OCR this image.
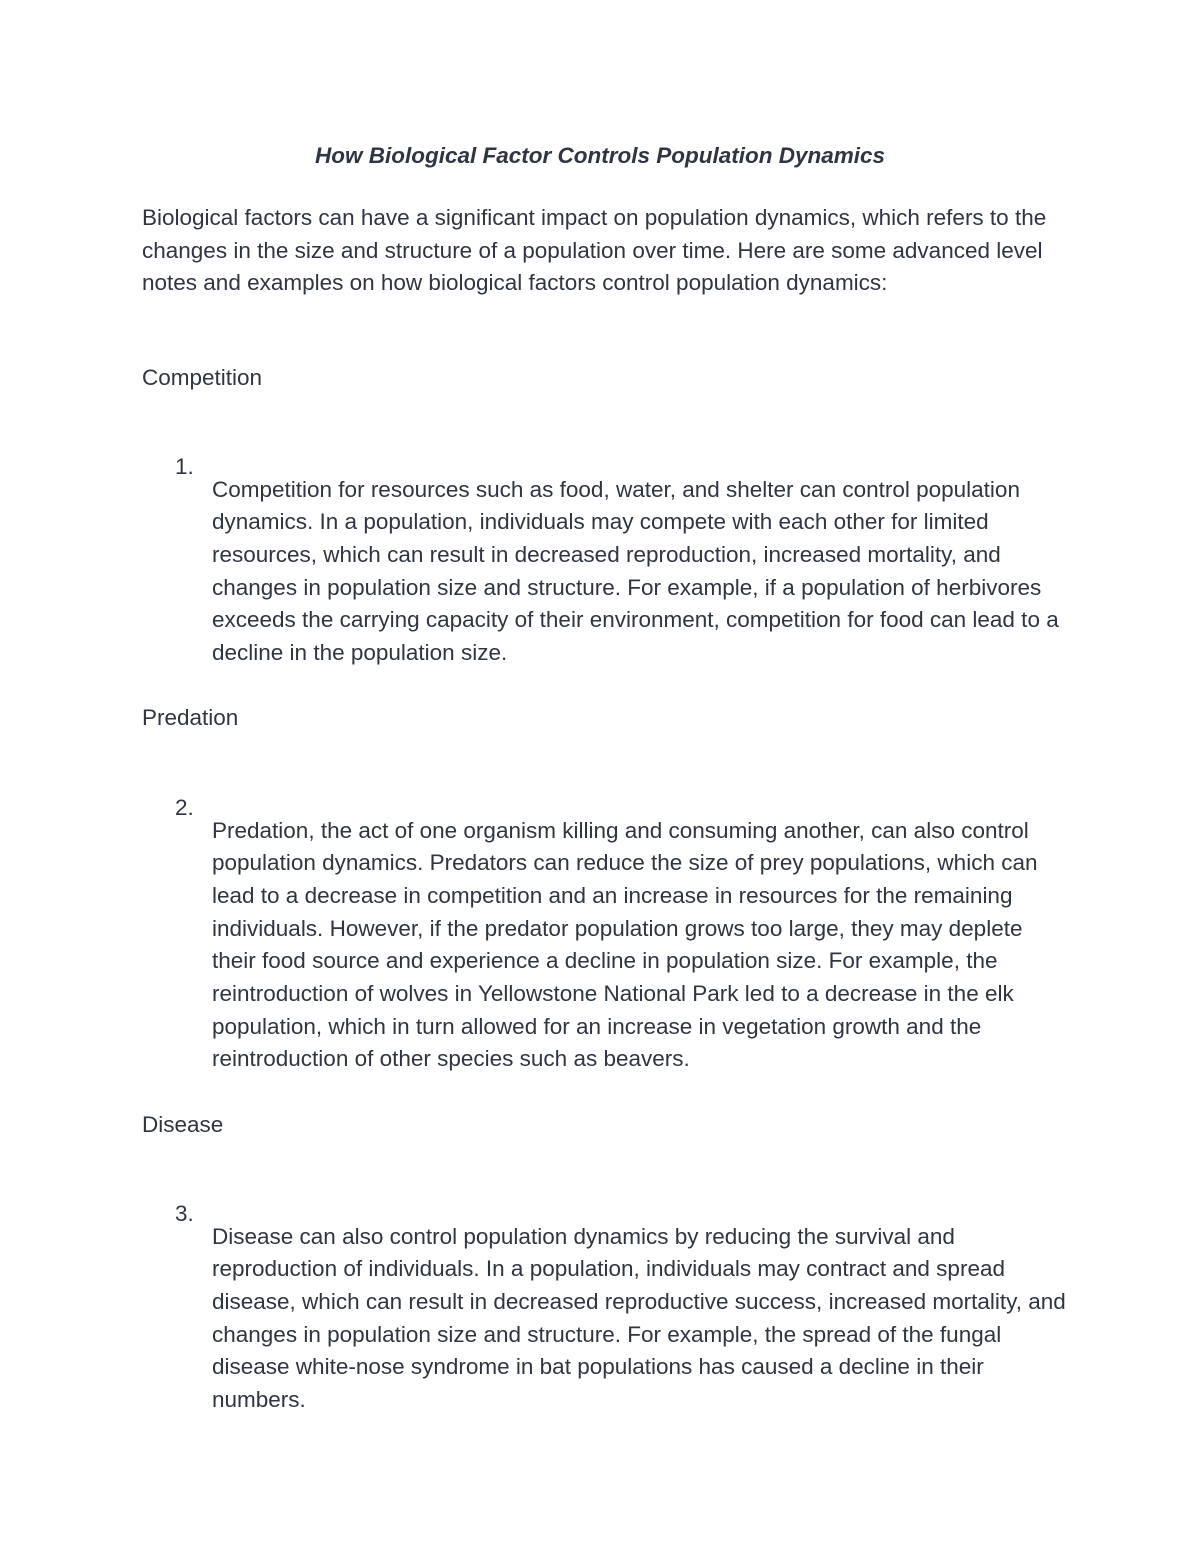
How Biological Factor Controls Population Dynamics

Biological factors can have a significant impact on population dynamics, which refers to the changes in the size and structure of a population over time. Here are some advanced level notes and examples on how biological factors control population dynamics:

Competition

1.

Competition for resources such as food, water, and shelter can control population dynamics. In a population, individuals may compete with each other for limited resources, which can result in decreased reproduction, increased mortality, and changes in population size and structure. For example, if a population of herbivores exceeds the carrying capacity of their environment, competition for food can lead to a decline in the population size.

Predation

2.

Predation, the act of one organism killing and consuming another, can also control population dynamics. Predators can reduce the size of prey populations, which can lead to a decrease in competition and an increase in resources for the remaining individuals. However, if the predator population grows too large, they may deplete their food source and experience a decline in population size. For example, the reintroduction of wolves in Yellowstone National Park led to a decrease in the elk population, which in turn allowed for an increase in vegetation growth and the reintroduction of other species such as beavers.

Disease

3.

Disease can also control population dynamics by reducing the survival and reproduction of individuals. In a population, individuals may contract and spread disease, which can result in decreased reproductive success, increased mortality, and changes in population size and structure. For example, the spread of the fungal disease white-nose syndrome in bat populations has caused a decline in their numbers.
